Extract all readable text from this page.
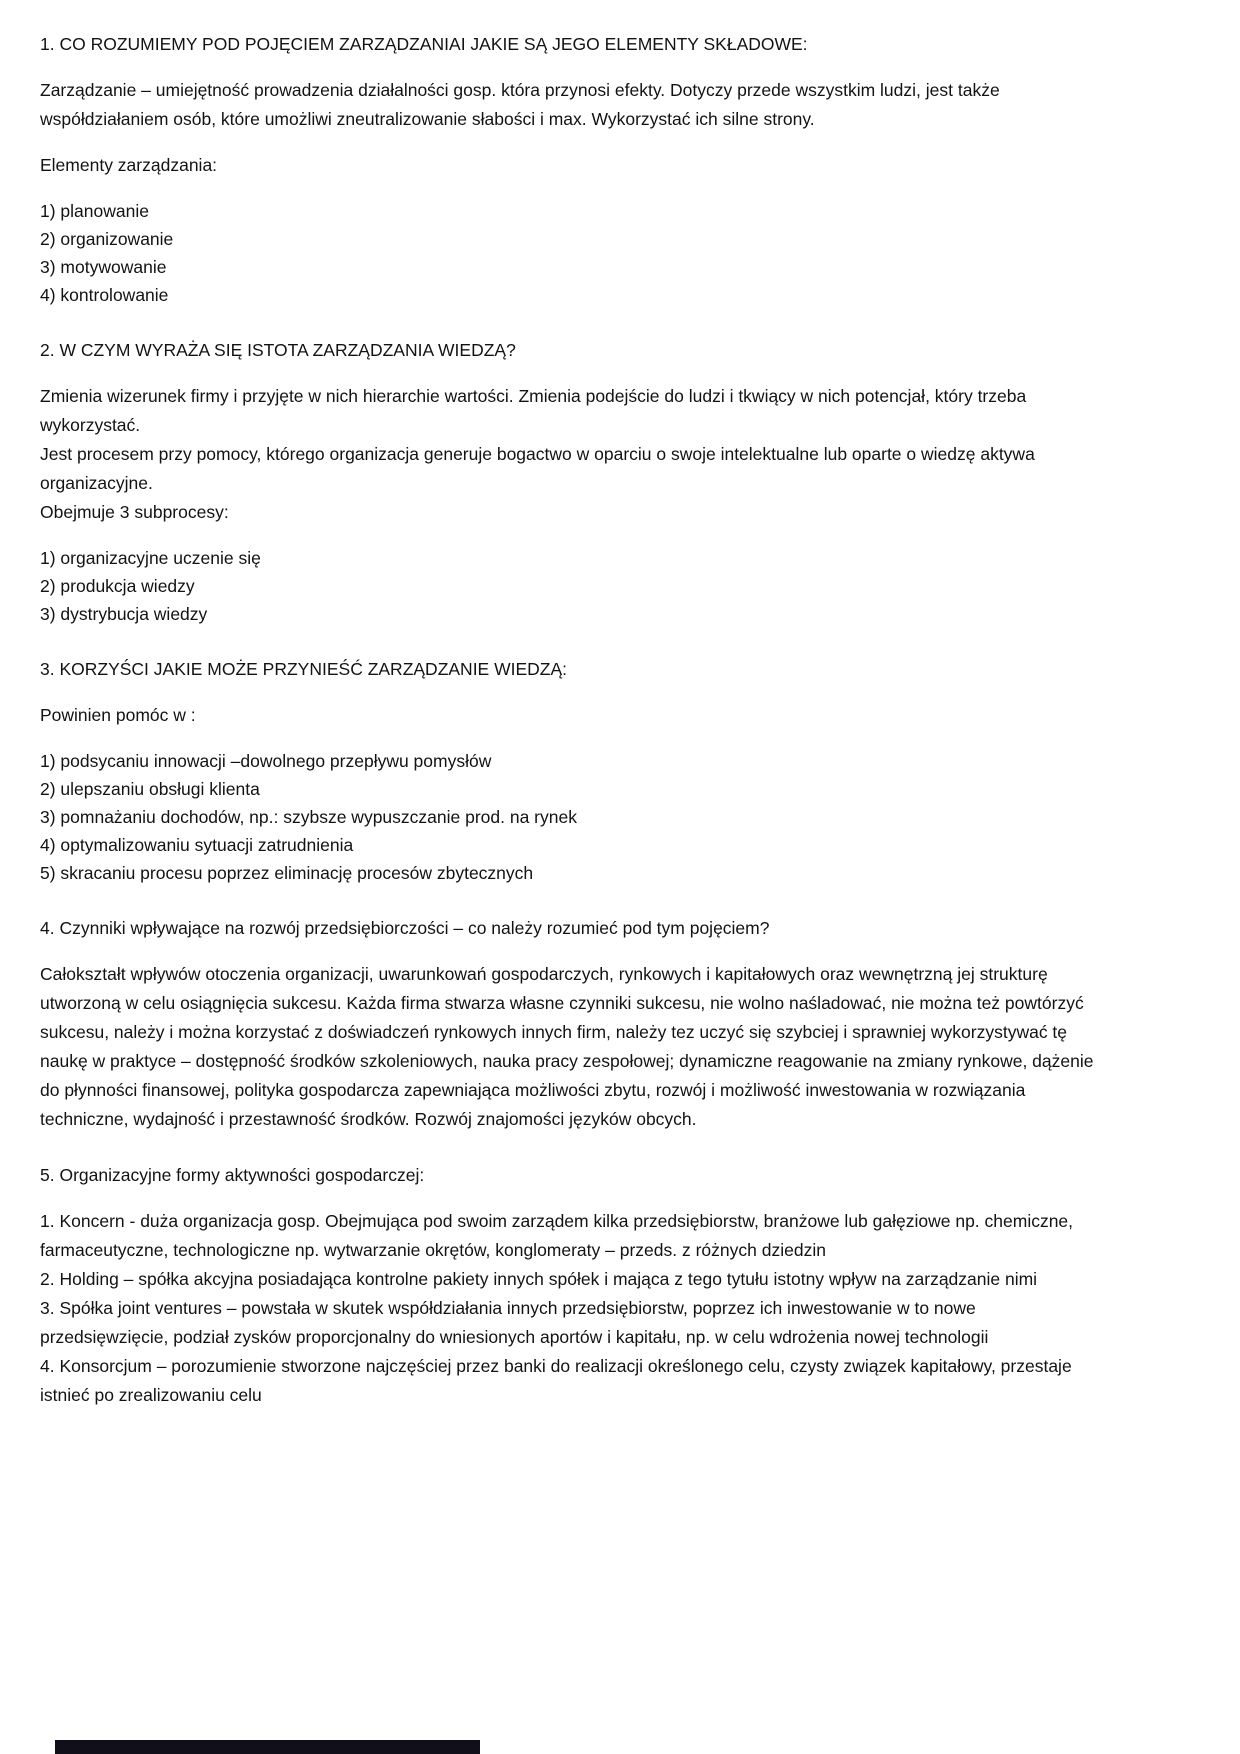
1. CO ROZUMIEMY POD POJĘCIEM ZARZĄDZANIAI JAKIE SĄ JEGO ELEMENTY SKŁADOWE:

Zarządzanie – umiejętność prowadzenia działalności gosp. która przynosi efekty. Dotyczy przede wszystkim ludzi, jest także współdziałaniem osób, które umożliwi zneutralizowanie słabości i max. Wykorzystać ich silne strony.

Elementy zarządzania:

1) planowanie
2) organizowanie
3) motywowanie
4) kontrolowanie
2. W CZYM WYRAŻA SIĘ ISTOTA ZARZĄDZANIA WIEDZĄ?
Zmienia wizerunek firmy i przyjęte w nich hierarchie wartości. Zmienia podejście do ludzi i tkwiący w nich potencjał, który trzeba wykorzystać.
Jest procesem przy pomocy, którego organizacja generuje bogactwo w oparciu o swoje intelektualne lub oparte o wiedzę aktywa organizacyjne.
Obejmuje 3 subprocesy:
1) organizacyjne uczenie się
2) produkcja wiedzy
3) dystrybucja wiedzy
3. KORZYŚCI JAKIE MOŻE PRZYNIEŚĆ ZARZĄDZANIE WIEDZĄ:

Powinien pomóc w :

1) podsycaniu innowacji –dowolnego przepływu pomysłów
2) ulepszaniu obsługi klienta
3) pomnażaniu dochodów, np.: szybsze wypuszczanie prod. na rynek
4) optymalizowaniu sytuacji zatrudnienia
5) skracaniu procesu poprzez eliminację procesów zbytecznych
4. Czynniki wpływające na rozwój przedsiębiorczości – co należy rozumieć pod tym pojęciem?

Całokształt wpływów otoczenia organizacji, uwarunkowań gospodarczych, rynkowych i kapitałowych oraz wewnętrzną jej strukturę utworzoną w celu osiągnięcia sukcesu. Każda firma stwarza własne czynniki sukcesu, nie wolno naśladować, nie można też powtórzyć sukcesu, należy i można korzystać z doświadczeń rynkowych innych firm, należy tez uczyć się szybciej i sprawniej wykorzystywać tę naukę w praktyce – dostępność środków szkoleniowych, nauka pracy zespołowej; dynamiczne reagowanie na zmiany rynkowe, dążenie do płynności finansowej, polityka gospodarcza zapewniająca możliwości zbytu, rozwój i możliwość inwestowania w rozwiązania techniczne, wydajność i przestawność środków. Rozwój znajomości języków obcych.

5. Organizacyjne formy aktywności gospodarczej:
1. Koncern - duża organizacja gosp. Obejmująca pod swoim zarządem kilka przedsiębiorstw, branżowe lub gałęziowe np. chemiczne, farmaceutyczne, technologiczne np. wytwarzanie okrętów, konglomeraty – przeds. z różnych dziedzin
2. Holding – spółka akcyjna posiadająca kontrolne pakiety innych spółek i mająca z tego tytułu istotny wpływ na zarządzanie nimi
3. Spółka joint ventures – powstała w skutek współdziałania innych przedsiębiorstw, poprzez ich inwestowanie w to nowe przedsięwzięcie, podział zysków proporcjonalny do wniesionych aportów i kapitału, np. w celu wdrożenia nowej technologii
4. Konsorcjum – porozumienie stworzone najczęściej przez banki do realizacji określonego celu, czysty związek kapitałowy, przestaje istnieć po zrealizowaniu celu
